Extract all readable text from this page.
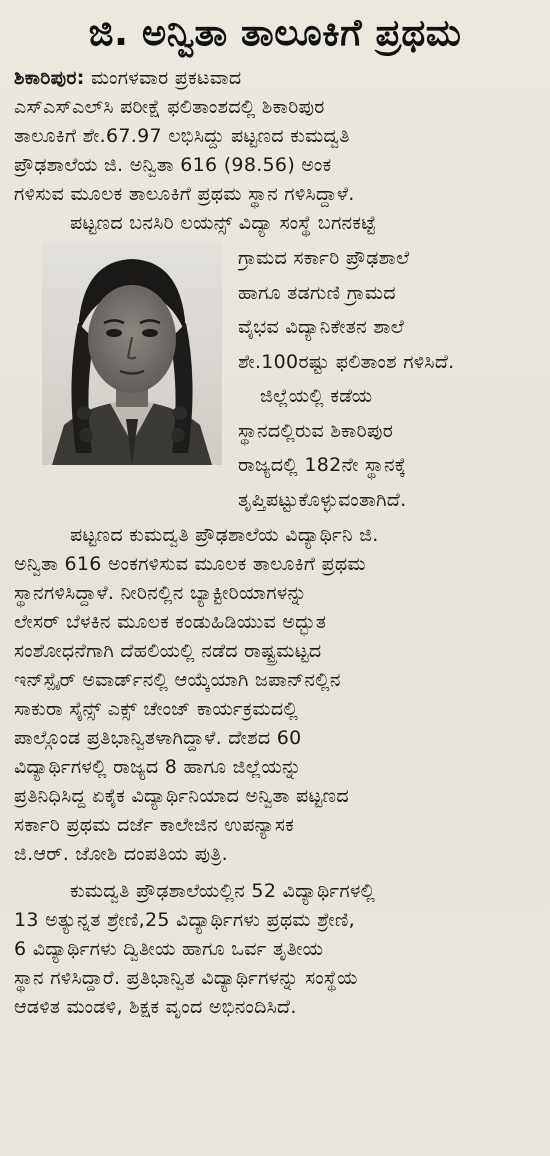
ಜಿ. ಅನ್ವಿತಾ ತಾಲೂಕಿಗೆ ಪ್ರಥಮ
ಶಿಕಾರಿಪುರ: ಮಂಗಳವಾರ ಪ್ರಕಟವಾದ
ಎಸ್‌ಎಸ್‌ಎಲ್‌ಸಿ ಪರೀಕ್ಷೆ ಫಲಿತಾಂಶದಲ್ಲಿ ಶಿಕಾರಿಪುರ
ತಾಲೂಕಿಗೆ ಶೇ.67.97 ಲಭಿಸಿದ್ದು ಪಟ್ಟಣದ ಕುಮದ್ವತಿ
ಪ್ರೌಢಶಾಲೆಯ ಜಿ. ಅನ್ವಿತಾ 616 (98.56) ಅಂಕ
ಗಳಿಸುವ ಮೂಲಕ ತಾಲೂಕಿಗೆ ಪ್ರಥಮ ಸ್ಥಾನ ಗಳಿಸಿದ್ದಾಳೆ.
ಪಟ್ಟಣದ ಬನಸಿರಿ ಲಯನ್ಸ್ ವಿದ್ಯಾ ಸಂಸ್ಥೆ ಬಗನಕಟ್ಟೆ
ಗ್ರಾಮದ ಸರ್ಕಾರಿ ಪ್ರೌಢಶಾಲೆ
ಹಾಗೂ ತಡಗುಣಿ ಗ್ರಾಮದ
ವೈಭವ ವಿದ್ಯಾನಿಕೇತನ ಶಾಲೆ
ಶೇ.100ರಷ್ಟು ಫಲಿತಾಂಶ ಗಳಿಸಿದೆ.
ಜಿಲ್ಲೆಯಲ್ಲಿ ಕಡೆಯ
ಸ್ಥಾನದಲ್ಲಿರುವ ಶಿಕಾರಿಪುರ
ರಾಜ್ಯದಲ್ಲಿ 182ನೇ ಸ್ಥಾನಕ್ಕೆ
ತೃಪ್ತಿಪಟ್ಟುಕೊಳ್ಳುವಂತಾಗಿದೆ.
ಪಟ್ಟಣದ ಕುಮದ್ವತಿ ಪ್ರೌಢಶಾಲೆಯ ವಿದ್ಯಾರ್ಥಿನಿ ಜಿ.
ಅನ್ವಿತಾ 616 ಅಂಕಗಳಿಸುವ ಮೂಲಕ ತಾಲೂಕಿಗೆ ಪ್ರಥಮ
ಸ್ಥಾನಗಳಿಸಿದ್ದಾಳೆ. ನೀರಿನಲ್ಲಿನ ಬ್ಯಾಕ್ಟೀರಿಯಾಗಳನ್ನು
ಲೇಸರ್ ಬೆಳಕಿನ ಮೂಲಕ ಕಂಡುಹಿಡಿಯುವ ಅದ್ಭುತ
ಸಂಶೋಧನೆಗಾಗಿ ದೆಹಲಿಯಲ್ಲಿ ನಡೆದ ರಾಷ್ಟ್ರಮಟ್ಟದ
ಇನ್‌ಸ್ಪೈರ್ ಅವಾರ್ಡ್‌ನಲ್ಲಿ ಆಯ್ಕೆಯಾಗಿ ಜಪಾನ್‌ನಲ್ಲಿನ
ಸಾಕುರಾ ಸೈನ್ಸ್ ಎಕ್ಸ್ ಚೇಂಜ್ ಕಾರ್ಯಕ್ರಮದಲ್ಲಿ
ಪಾಲ್ಗೊಂಡ ಪ್ರತಿಭಾನ್ವಿತಳಾಗಿದ್ದಾಳೆ. ದೇಶದ 60
ವಿದ್ಯಾರ್ಥಿಗಳಲ್ಲಿ ರಾಜ್ಯದ 8 ಹಾಗೂ ಜಿಲ್ಲೆಯನ್ನು
ಪ್ರತಿನಿಧಿಸಿದ್ದ ಏಕೈಕ ವಿದ್ಯಾರ್ಥಿನಿಯಾದ ಅನ್ವಿತಾ ಪಟ್ಟಣದ
ಸರ್ಕಾರಿ ಪ್ರಥಮ ದರ್ಜೆ ಕಾಲೇಜಿನ ಉಪನ್ಯಾಸಕ
ಜಿ.ಆರ್. ಜೋಶಿ ದಂಪತಿಯ ಪುತ್ರಿ.
ಕುಮದ್ವತಿ ಪ್ರೌಢಶಾಲೆಯಲ್ಲಿನ 52 ವಿದ್ಯಾರ್ಥಿಗಳಲ್ಲಿ
13 ಅತ್ಯುನ್ನತ ಶ್ರೇಣಿ,25 ವಿದ್ಯಾರ್ಥಿಗಳು ಪ್ರಥಮ ಶ್ರೇಣಿ,
6 ವಿದ್ಯಾರ್ಥಿಗಳು ದ್ವಿತೀಯ ಹಾಗೂ ಒರ್ವ ತೃತೀಯ
ಸ್ಥಾನ ಗಳಿಸಿದ್ದಾರೆ. ಪ್ರತಿಭಾನ್ವಿತ ವಿದ್ಯಾರ್ಥಿಗಳನ್ನು ಸಂಸ್ಥೆಯ
ಆಡಳಿತ ಮಂಡಳಿ, ಶಿಕ್ಷಕ ವೃಂದ ಅಭಿನಂದಿಸಿದೆ.
